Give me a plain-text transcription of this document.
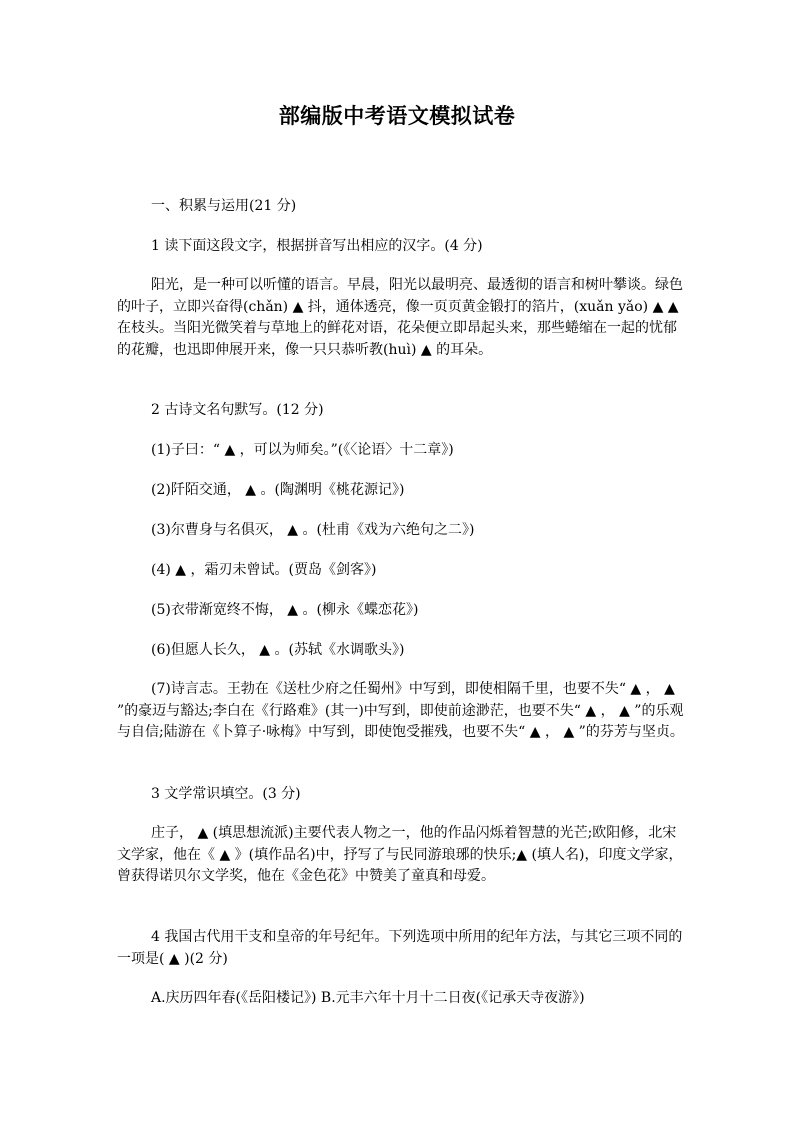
部编版中考语文模拟试卷
一、积累与运用(21 分)
1 读下面这段文字，根据拼音写出相应的汉字。(4 分)
阳光，是一种可以听懂的语言。早晨，阳光以最明亮、最透彻的语言和树叶攀谈。绿色的叶子，立即兴奋得(chǎn) ▲ 抖，通体透亮，像一页页黄金锻打的箔片，(xuǎn yǎo) ▲ ▲ 在枝头。当阳光微笑着与草地上的鲜花对语，花朵便立即昂起头来，那些蜷缩在一起的忧郁的花瓣，也迅即伸展开来，像一只只恭听教(huì) ▲ 的耳朵。
2 古诗文名句默写。(12 分)
(1)子曰：“ ▲ ，可以为师矣。”(《〈论语〉十二章》)
(2)阡陌交通， ▲ 。(陶渊明《桃花源记》)
(3)尔曹身与名俱灭， ▲ 。(杜甫《戏为六绝句之二》)
(4) ▲ ，霜刃未曾试。(贾岛《剑客》)
(5)衣带渐宽终不悔， ▲ 。(柳永《蝶恋花》)
(6)但愿人长久， ▲ 。(苏轼《水调歌头》)
(7)诗言志。王勃在《送杜少府之任蜀州》中写到，即使相隔千里，也要不失“ ▲ ， ▲ ”的豪迈与豁达;李白在《行路难》(其一)中写到，即使前途渺茫，也要不失“ ▲ ， ▲ ”的乐观与自信;陆游在《卜算子·咏梅》中写到，即使饱受摧残，也要不失“ ▲ ， ▲ ”的芬芳与坚贞。
3 文学常识填空。(3 分)
庄子， ▲ (填思想流派)主要代表人物之一，他的作品闪烁着智慧的光芒;欧阳修，北宋文学家，他在《 ▲ 》(填作品名)中，抒写了与民同游琅琊的快乐;▲ (填人名)，印度文学家，曾获得诺贝尔文学奖，他在《金色花》中赞美了童真和母爱。
4 我国古代用干支和皇帝的年号纪年。下列选项中所用的纪年方法，与其它三项不同的一项是( ▲ )(2 分)
A.庆历四年春(《岳阳楼记》) B.元丰六年十月十二日夜(《记承天寺夜游》)
